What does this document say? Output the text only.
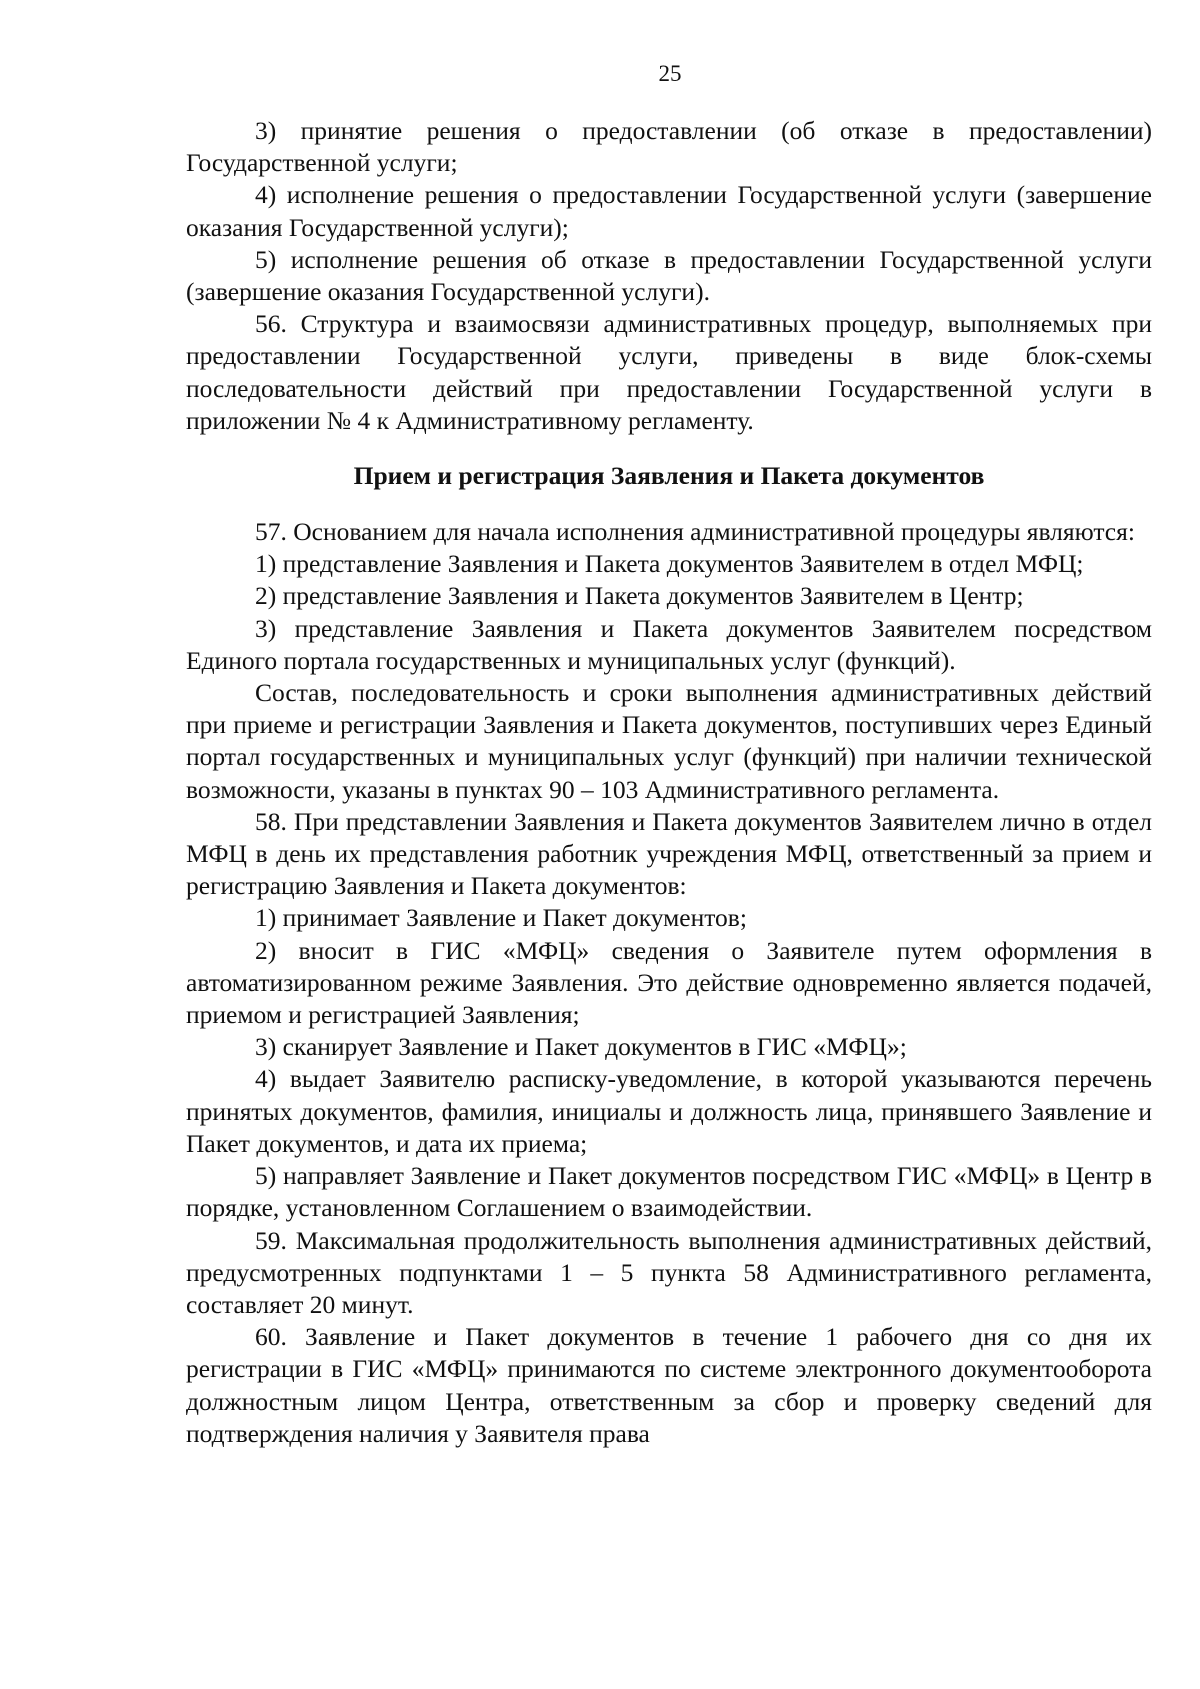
25

3) принятие решения о предоставлении (об отказе в предоставлении) Государственной услуги;

4) исполнение решения о предоставлении Государственной услуги (завершение оказания Государственной услуги);

5) исполнение решения об отказе в предоставлении Государственной услуги (завершение оказания Государственной услуги).

56. Структура и взаимосвязи административных процедур, выполняемых при предоставлении Государственной услуги, приведены в виде блок-схемы последовательности действий при предоставлении Государственной услуги в приложении № 4 к Административному регламенту.

Прием и регистрация Заявления и Пакета документов

57. Основанием для начала исполнения административной процедуры являются:

1) представление Заявления и Пакета документов Заявителем в отдел МФЦ;

2) представление Заявления и Пакета документов Заявителем в Центр;

3) представление Заявления и Пакета документов Заявителем посредством Единого портала государственных и муниципальных услуг (функций).

Состав, последовательность и сроки выполнения административных действий при приеме и регистрации Заявления и Пакета документов, поступивших через Единый портал государственных и муниципальных услуг (функций) при наличии технической возможности, указаны в пунктах 90 – 103 Административного регламента.

58. При представлении Заявления и Пакета документов Заявителем лично в отдел МФЦ в день их представления работник учреждения МФЦ, ответственный за прием и регистрацию Заявления и Пакета документов:

1) принимает Заявление и Пакет документов;

2) вносит в ГИС «МФЦ» сведения о Заявителе путем оформления в автоматизированном режиме Заявления. Это действие одновременно является подачей, приемом и регистрацией Заявления;

3) сканирует Заявление и Пакет документов в ГИС «МФЦ»;

4) выдает Заявителю расписку-уведомление, в которой указываются перечень принятых документов, фамилия, инициалы и должность лица, принявшего Заявление и Пакет документов, и дата их приема;

5) направляет Заявление и Пакет документов посредством ГИС «МФЦ» в Центр в порядке, установленном Соглашением о взаимодействии.

59. Максимальная продолжительность выполнения административных действий, предусмотренных подпунктами 1 – 5 пункта 58 Административного регламента, составляет 20 минут.

60. Заявление и Пакет документов в течение 1 рабочего дня со дня их регистрации в ГИС «МФЦ» принимаются по системе электронного документооборота должностным лицом Центра, ответственным за сбор и проверку сведений для подтверждения наличия у Заявителя права
